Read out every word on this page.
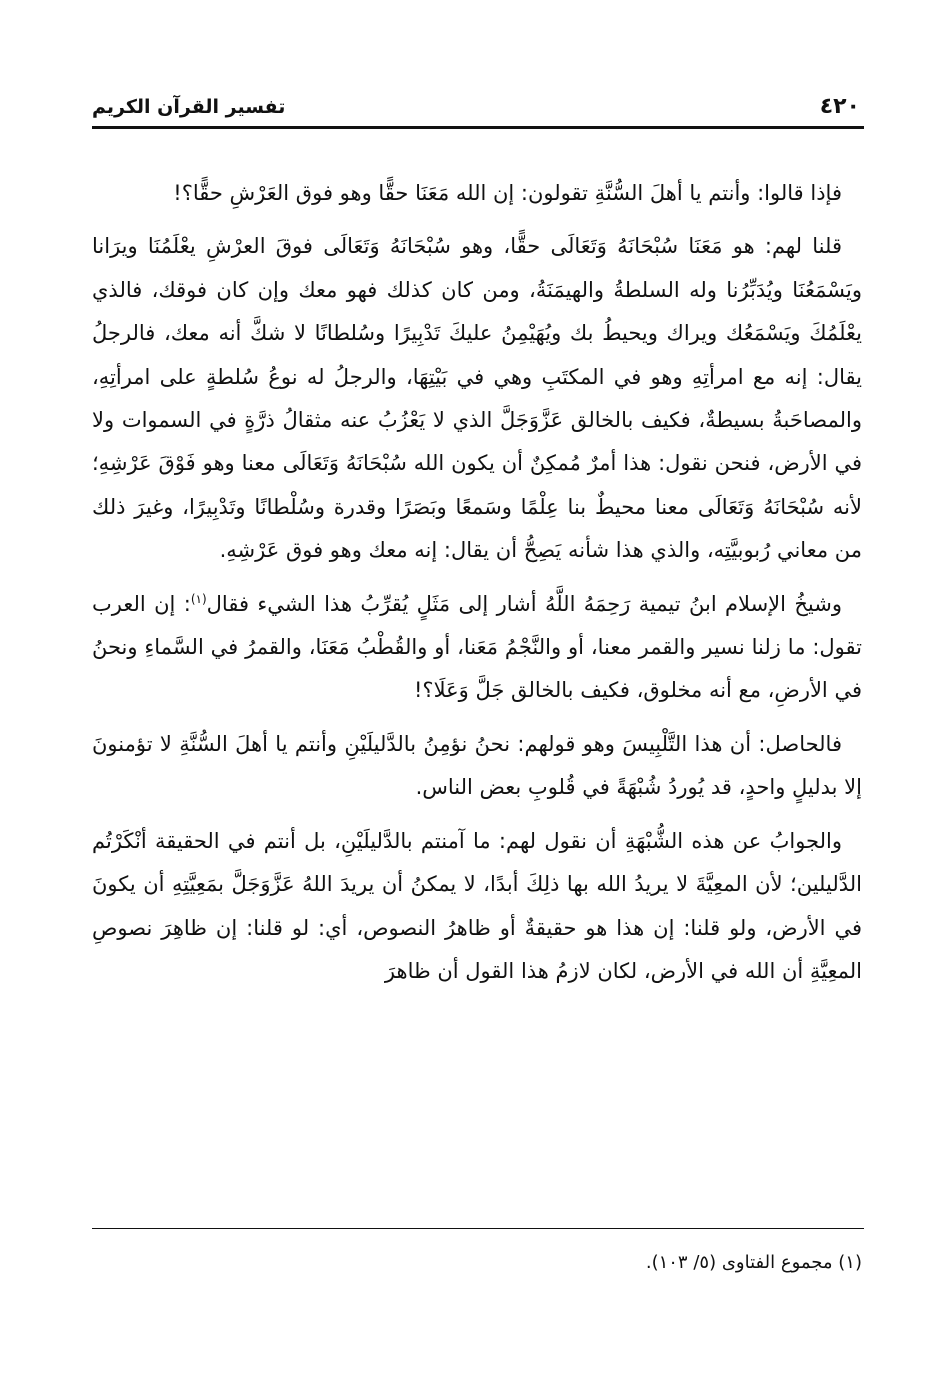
٤٢٠
تفسير القرآن الكريم

فإذا قالوا: وأنتم يا أهلَ السُّنَّةِ تقولون: إن الله مَعَنَا حقًّا وهو فوق العَرْشِ حقًّا؟!

قلنا لهم: هو مَعَنَا سُبْحَانَهُ وَتَعَالَى حقًّا، وهو سُبْحَانَهُ وَتَعَالَى فوقَ العرْشِ يعْلَمُنَا ويرَانا ويَسْمَعُنَا ويُدَبِّرُنا وله السلطةُ والهيمَنَةُ، ومن كان كذلك فهو معك وإن كان فوقك، فالذي يعْلَمُكَ ويَسْمَعُك ويراك ويحيطُ بك ويُهَيْمِنُ عليكَ تَدْبِيرًا وسُلطانًا لا شكَّ أنه معك، فالرجلُ يقال: إنه مع امرأتِهِ وهو في المكتَبِ وهي في بَيْتِهَا، والرجلُ له نوعُ سُلطةٍ على امرأتِهِ، والمصاحَبةُ بسيطةٌ، فكيف بالخالق عَزَّوَجَلَّ الذي لا يَعْزُبُ عنه مثقالُ ذرَّةٍ في السموات ولا في الأرض، فنحن نقول: هذا أمرٌ مُمكِنٌ أن يكون الله سُبْحَانَهُ وَتَعَالَى معنا وهو فَوْقَ عَرْشِهِ؛ لأنه سُبْحَانَهُ وَتَعَالَى معنا محيطٌ بنا عِلْمًا وسَمعًا وبَصَرًا وقدرة وسُلْطانًا وتَدْبِيرًا، وغيرَ ذلك من معاني رُبوبيَّتِه، والذي هذا شأنه يَصِحُّ أن يقال: إنه معك وهو فوق عَرْشِهِ.

وشيخُ الإسلام ابنُ تيمية رَحِمَهُ اللَّهُ أشار إلى مَثَلٍ يُقرِّبُ هذا الشيء فقال$^{(١)}$: إن العرب تقول: ما زلنا نسير والقمر معنا، أو والنَّجْمُ مَعَنا، أو والقُطْبُ مَعَنَا، والقمرُ في السَّماءِ ونحنُ في الأرضِ، مع أنه مخلوق، فكيف بالخالق جَلَّ وَعَلَا؟!

فالحاصل: أن هذا التَّلْبِيسَ وهو قولهم: نحنُ نؤمِنُ بالدَّليلَيْنِ وأنتم يا أهلَ السُّنَّةِ لا تؤمنونَ إلا بدليلٍ واحدٍ، قد يُوردُ شُبْهَةً في قُلوبِ بعض الناس.

والجوابُ عن هذه الشُّبْهَةِ أن نقول لهم: ما آمنتم بالدَّليلَيْنِ، بل أنتم في الحقيقة أنْكَرْتُم الدَّليلين؛ لأن المعِيَّةَ لا يريدُ الله بها ذلِكَ أبدًا، لا يمكنُ أن يريدَ اللهُ عَزَّوَجَلَّ بمَعِيَّتِهِ أن يكونَ في الأرض، ولو قلنا: إن هذا هو حقيقةٌ أو ظاهرُ النصوص، أي: لو قلنا: إن ظاهِرَ نصوصِ المعِيَّةِ أن الله في الأرض، لكان لازمُ هذا القول أن ظاهرَ

(١) مجموع الفتاوى (٥/ ١٠٣).
